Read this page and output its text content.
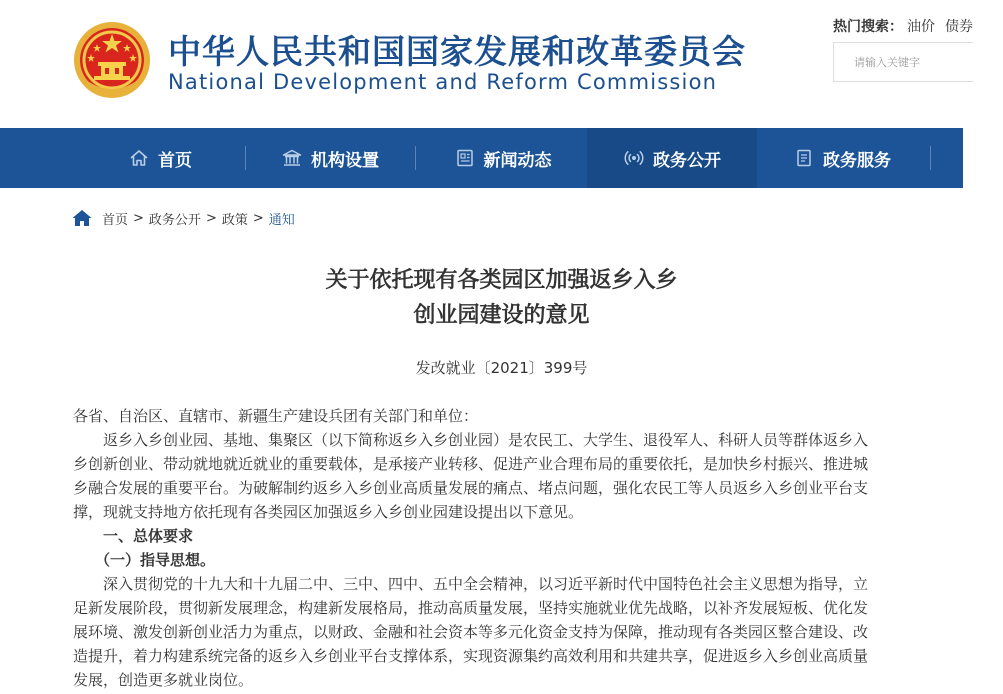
中华人民共和国国家发展和改革委员会
National Development and Reform Commission
热门搜索： 油价 债券
请输入关键字
首页	机构设置	新闻动态	政务公开	政务服务
首页 > 政务公开 > 政策 > 通知
关于依托现有各类园区加强返乡入乡
创业园建设的意见
发改就业〔2021〕399号
各省、自治区、直辖市、新疆生产建设兵团有关部门和单位：
返乡入乡创业园、基地、集聚区（以下简称返乡入乡创业园）是农民工、大学生、退役军人、科研人员等群体返乡入
乡创新创业、带动就地就近就业的重要载体，是承接产业转移、促进产业合理布局的重要依托，是加快乡村振兴、推进城
乡融合发展的重要平台。为破解制约返乡入乡创业高质量发展的痛点、堵点问题，强化农民工等人员返乡入乡创业平台支
撑，现就支持地方依托现有各类园区加强返乡入乡创业园建设提出以下意见。
一、总体要求
（一）指导思想。
深入贯彻党的十九大和十九届二中、三中、四中、五中全会精神，以习近平新时代中国特色社会主义思想为指导，立
足新发展阶段，贯彻新发展理念，构建新发展格局，推动高质量发展，坚持实施就业优先战略，以补齐发展短板、优化发
展环境、激发创新创业活力为重点，以财政、金融和社会资本等多元化资金支持为保障，推动现有各类园区整合建设、改
造提升，着力构建系统完备的返乡入乡创业平台支撑体系，实现资源集约高效利用和共建共享，促进返乡入乡创业高质量
发展，创造更多就业岗位。
